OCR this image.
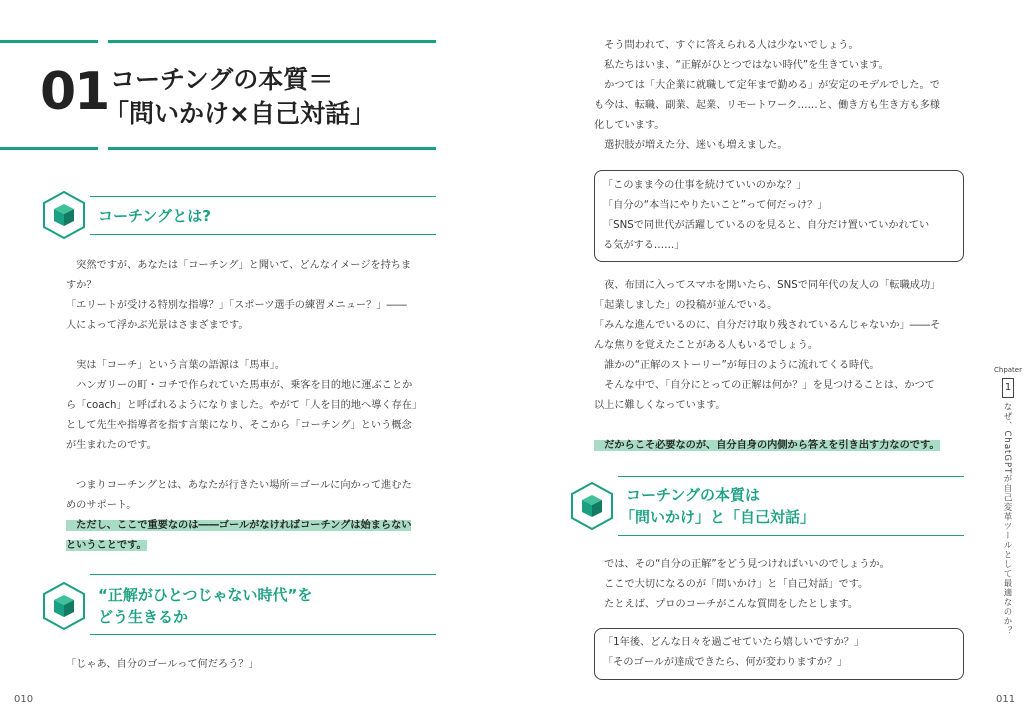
01 コーチングの本質＝
「問いかけ×自己対話」
コーチングとは?
　突然ですが、あなたは「コーチング」と聞いて、どんなイメージを持ちま
すか？
「エリートが受ける特別な指導？」「スポーツ選手の練習メニュー？」――
人によって浮かぶ光景はさまざまです。
　実は「コーチ」という言葉の語源は「馬車」。
　ハンガリーの町・コチで作られていた馬車が、乗客を目的地に運ぶことか
ら「coach」と呼ばれるようになりました。やがて「人を目的地へ導く存在」
として先生や指導者を指す言葉になり、そこから「コーチング」という概念
が生まれたのです。
　つまりコーチングとは、あなたが行きたい場所＝ゴールに向かって進むた
めのサポート。
　ただし、ここで重要なのは――ゴールがなければコーチングは始まらない
ということです。
“正解がひとつじゃない時代”を
どう生きるか
「じゃあ、自分のゴールって何だろう？」
010
　そう問われて、すぐに答えられる人は少ないでしょう。
　私たちはいま、“正解がひとつではない時代”を生きています。
　かつては「大企業に就職して定年まで勤める」が安定のモデルでした。で
も今は、転職、副業、起業、リモートワーク……と、働き方も生き方も多様
化しています。
　選択肢が増えた分、迷いも増えました。
「このまま今の仕事を続けていいのかな？」
「自分の“本当にやりたいこと”って何だっけ？」
「SNSで同世代が活躍しているのを見ると、自分だけ置いていかれてい
る気がする……」
　夜、布団に入ってスマホを開いたら、SNSで同年代の友人の「転職成功」
「起業しました」の投稿が並んでいる。
「みんな進んでいるのに、自分だけ取り残されているんじゃないか」――そ
んな焦りを覚えたことがある人もいるでしょう。
　誰かの“正解のストーリー”が毎日のように流れてくる時代。
　そんな中で、「自分にとっての正解は何か？」を見つけることは、かつて
以上に難しくなっています。
　だからこそ必要なのが、自分自身の内側から答えを引き出す力なのです。
コーチングの本質は
「問いかけ」と「自己対話」
　では、その“自分の正解”をどう見つければいいのでしょうか。
　ここで大切になるのが「問いかけ」と「自己対話」です。
　たとえば、プロのコーチがこんな質問をしたとします。
「1年後、どんな日々を過ごせていたら嬉しいですか？」
「そのゴールが達成できたら、何が変わりますか？」
011
Chpater
1
なぜ、ChatGPTが自己変革ツールとして最適なのか？
